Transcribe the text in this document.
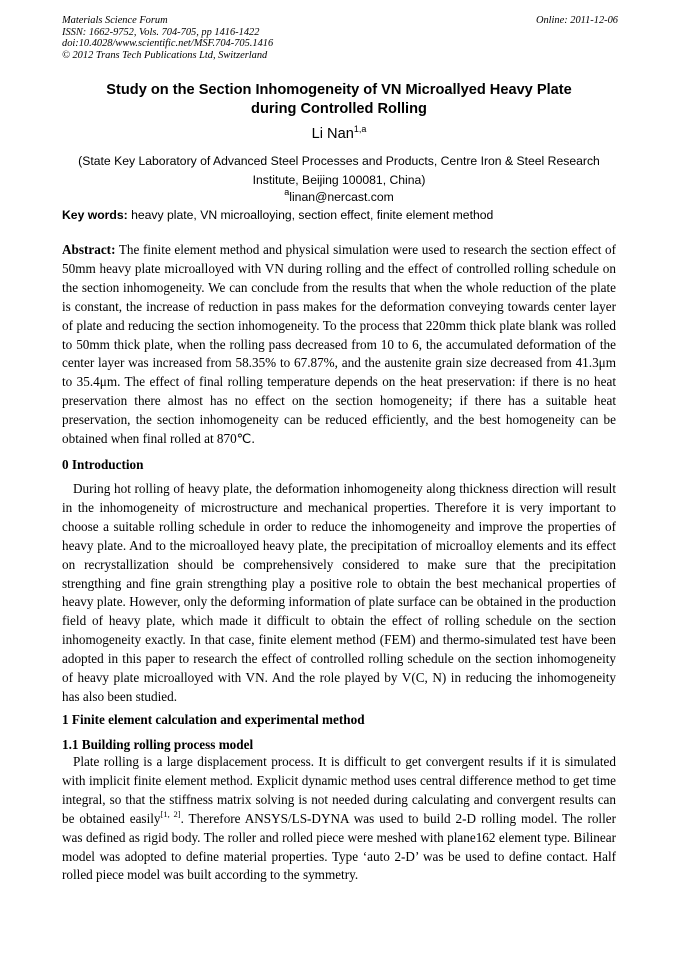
Materials Science Forum	Online: 2011-12-06
ISSN: 1662-9752, Vols. 704-705, pp 1416-1422
doi:10.4028/www.scientific.net/MSF.704-705.1416
© 2012 Trans Tech Publications Ltd, Switzerland
Study on the Section Inhomogeneity of VN Microallyed Heavy Plate
during Controlled Rolling
Li Nan$^{1,a}$
(State Key Laboratory of Advanced Steel Processes and Products, Centre Iron & Steel Research
Institute, Beijing 100081, China)
$^a$linan@nercast.com
Key words: heavy plate, VN microalloying, section effect, finite element method
Abstract: The finite element method and physical simulation were used to research the section effect of 50mm heavy plate microalloyed with VN during rolling and the effect of controlled rolling schedule on the section inhomogeneity. We can conclude from the results that when the whole reduction of the plate is constant, the increase of reduction in pass makes for the deformation conveying towards center layer of plate and reducing the section inhomogeneity. To the process that 220mm thick plate blank was rolled to 50mm thick plate, when the rolling pass decreased from 10 to 6, the accumulated deformation of the center layer was increased from 58.35% to 67.87%, and the austenite grain size decreased from 41.3μm to 35.4μm. The effect of final rolling temperature depends on the heat preservation: if there is no heat preservation there almost has no effect on the section homogeneity; if there has a suitable heat preservation, the section inhomogeneity can be reduced efficiently, and the best homogeneity can be obtained when final rolled at 870℃.
0 Introduction
During hot rolling of heavy plate, the deformation inhomogeneity along thickness direction will result in the inhomogeneity of microstructure and mechanical properties. Therefore it is very important to choose a suitable rolling schedule in order to reduce the inhomogeneity and improve the properties of heavy plate. And to the microalloyed heavy plate, the precipitation of microalloy elements and its effect on recrystallization should be comprehensively considered to make sure that the precipitation strengthing and fine grain strengthing play a positive role to obtain the best mechanical properties of heavy plate. However, only the deforming information of plate surface can be obtained in the production field of heavy plate, which made it difficult to obtain the effect of rolling schedule on the section inhomogeneity exactly. In that case, finite element method (FEM) and thermo-simulated test have been adopted in this paper to research the effect of controlled rolling schedule on the section inhomogeneity of heavy plate microalloyed with VN. And the role played by V(C, N) in reducing the inhomogeneity has also been studied.
1 Finite element calculation and experimental method
1.1 Building rolling process model
Plate rolling is a large displacement process. It is difficult to get convergent results if it is simulated with implicit finite element method. Explicit dynamic method uses central difference method to get time integral, so that the stiffness matrix solving is not needed during calculating and convergent results can be obtained easily[1, 2]. Therefore ANSYS/LS-DYNA was used to build 2-D rolling model. The roller was defined as rigid body. The roller and rolled piece were meshed with plane162 element type. Bilinear model was adopted to define material properties. Type ‘auto 2-D’ was be used to define contact. Half rolled piece model was built according to the symmetry.
